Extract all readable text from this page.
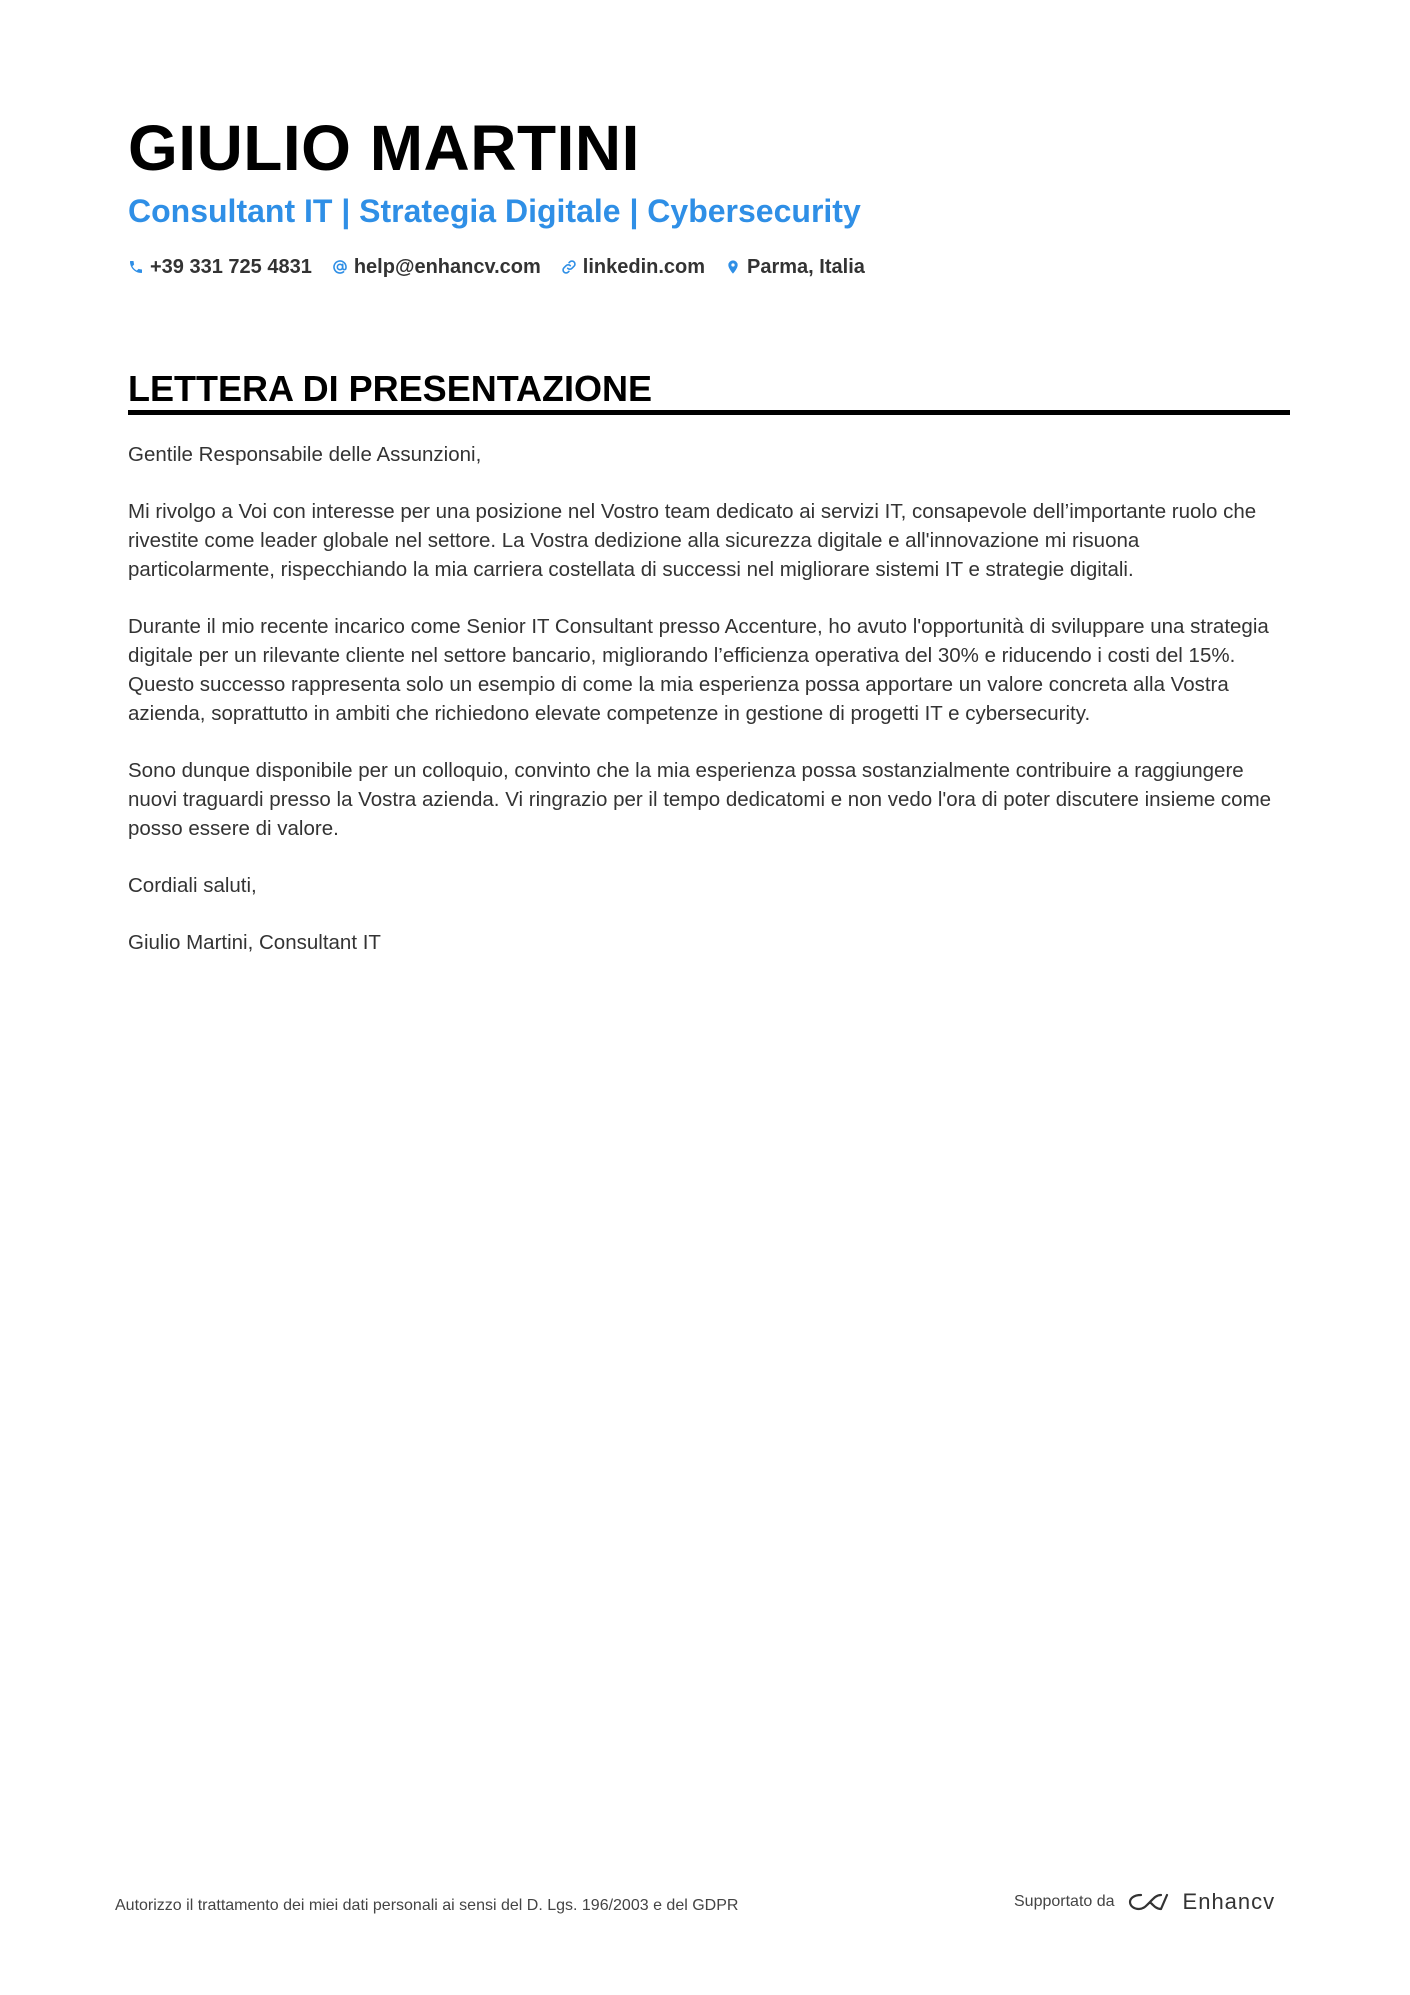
GIULIO MARTINI
Consultant IT | Strategia Digitale | Cybersecurity
+39 331 725 4831 help@enhancv.com linkedin.com Parma, Italia
LETTERA DI PRESENTAZIONE

Gentile Responsabile delle Assunzioni,

Mi rivolgo a Voi con interesse per una posizione nel Vostro team dedicato ai servizi IT, consapevole dell’importante ruolo che rivestite come leader globale nel settore. La Vostra dedizione alla sicurezza digitale e all'innovazione mi risuona particolarmente, rispecchiando la mia carriera costellata di successi nel migliorare sistemi IT e strategie digitali.

Durante il mio recente incarico come Senior IT Consultant presso Accenture, ho avuto l'opportunità di sviluppare una strategia digitale per un rilevante cliente nel settore bancario, migliorando l’efficienza operativa del 30% e riducendo i costi del 15%. Questo successo rappresenta solo un esempio di come la mia esperienza possa apportare un valore concreta alla Vostra azienda, soprattutto in ambiti che richiedono elevate competenze in gestione di progetti IT e cybersecurity.

Sono dunque disponibile per un colloquio, convinto che la mia esperienza possa sostanzialmente contribuire a raggiungere nuovi traguardi presso la Vostra azienda. Vi ringrazio per il tempo dedicatomi e non vedo l'ora di poter discutere insieme come posso essere di valore.

Cordiali saluti,

Giulio Martini, Consultant IT

Autorizzo il trattamento dei miei dati personali ai sensi del D. Lgs. 196/2003 e del GDPR	Supportato da	Enhancv
